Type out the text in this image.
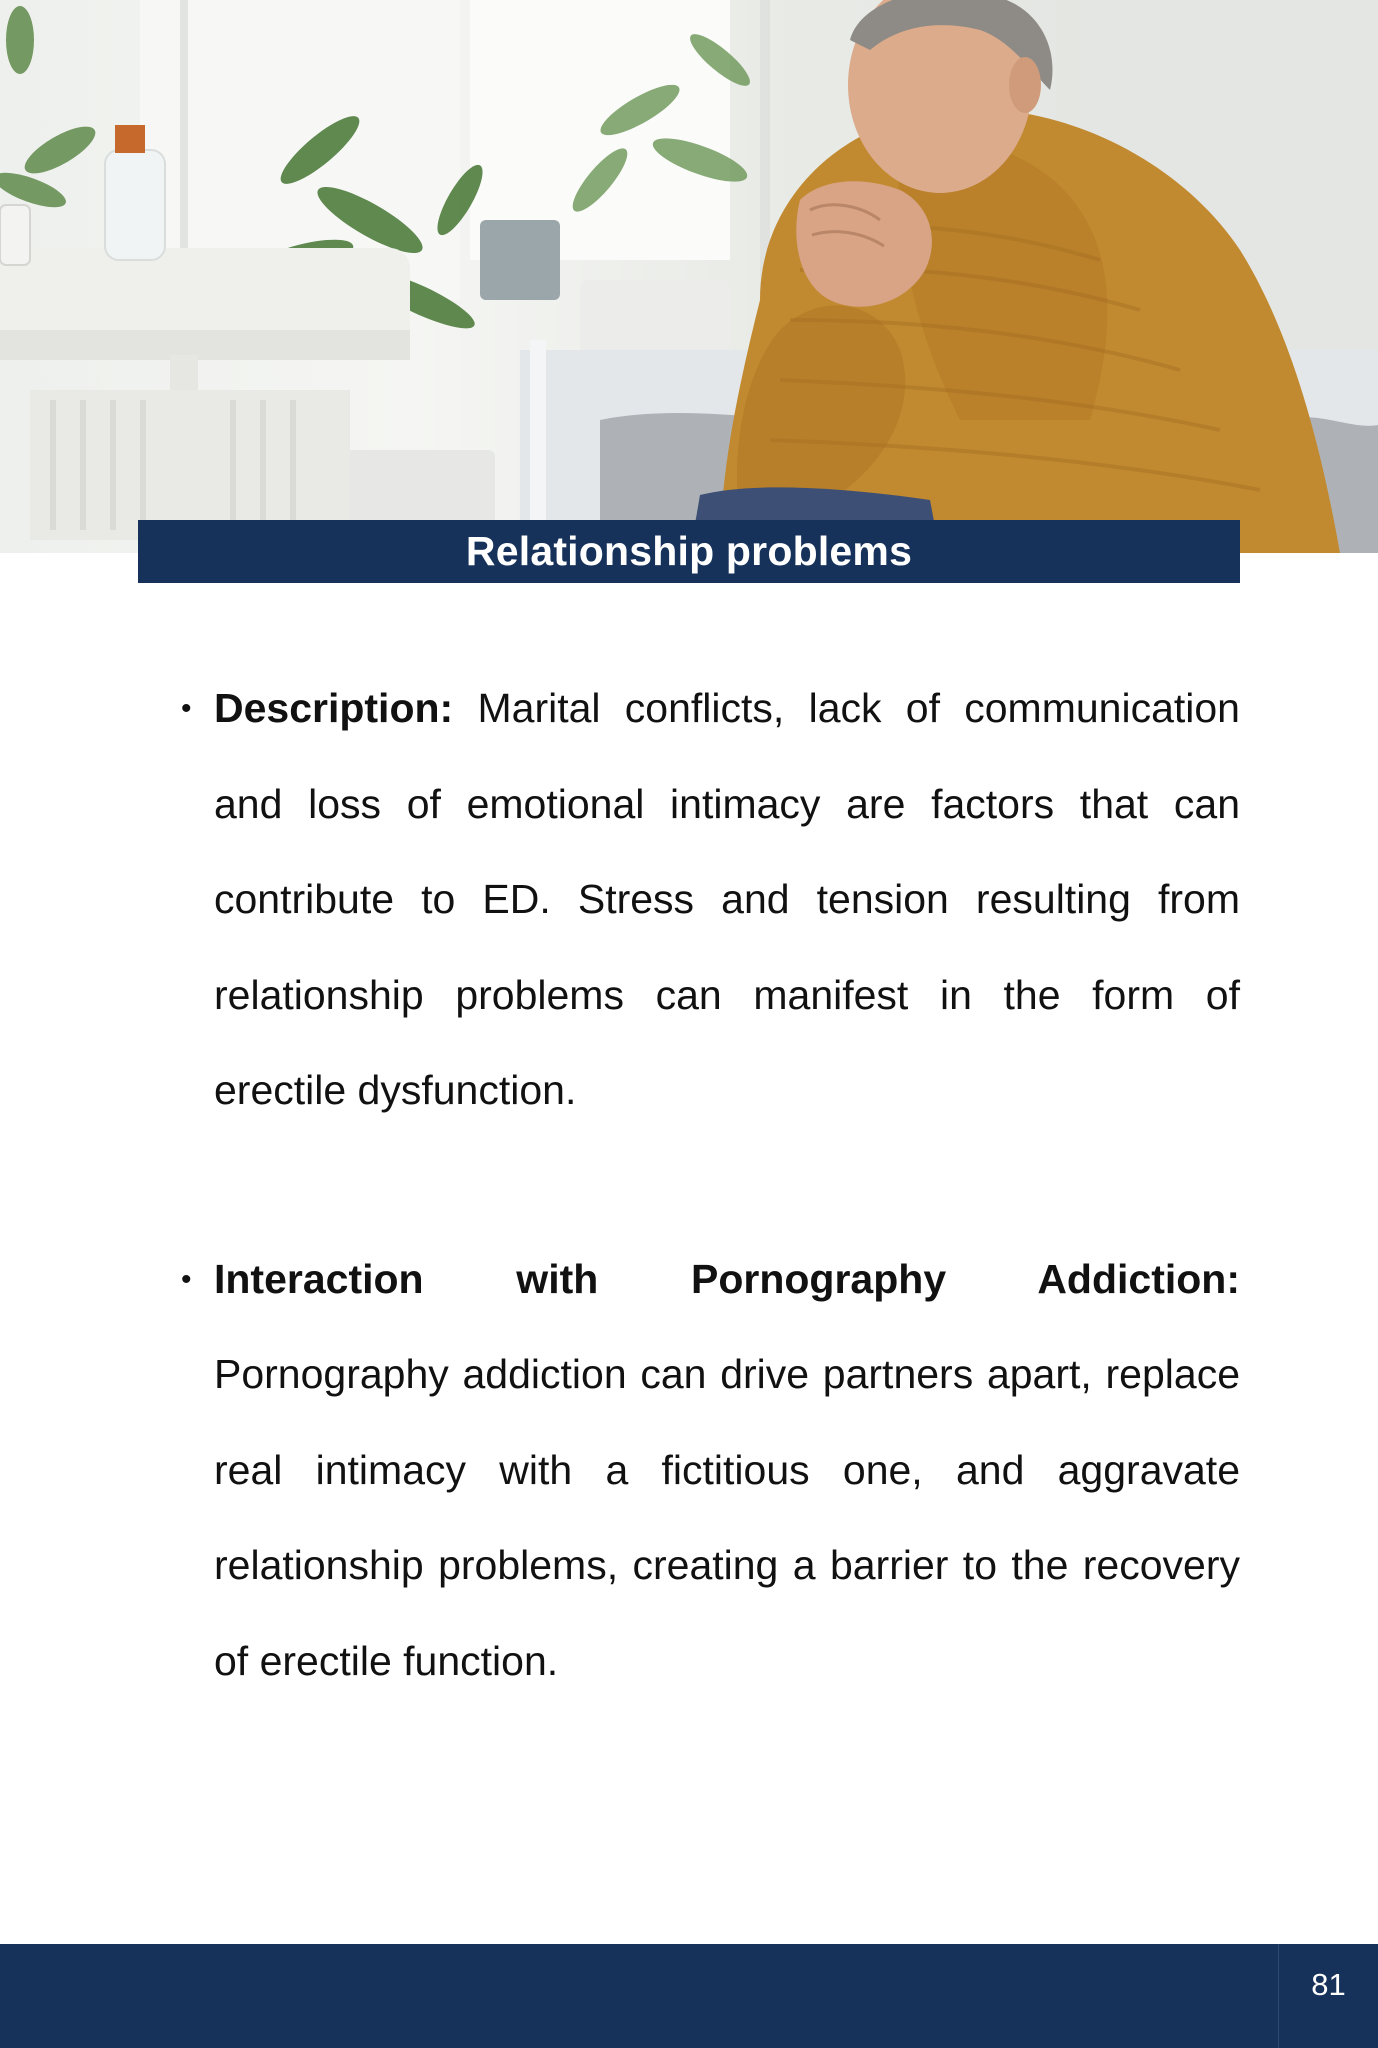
Relationship problems

• Description: Marital conflicts, lack of communication and loss of emotional intimacy are factors that can contribute to ED. Stress and tension resulting from relationship problems can manifest in the form of erectile dysfunction.

• Interaction with Pornography Addiction: Pornography addiction can drive partners apart, replace real intimacy with a fictitious one, and aggravate relationship problems, creating a barrier to the recovery of erectile function.

81
